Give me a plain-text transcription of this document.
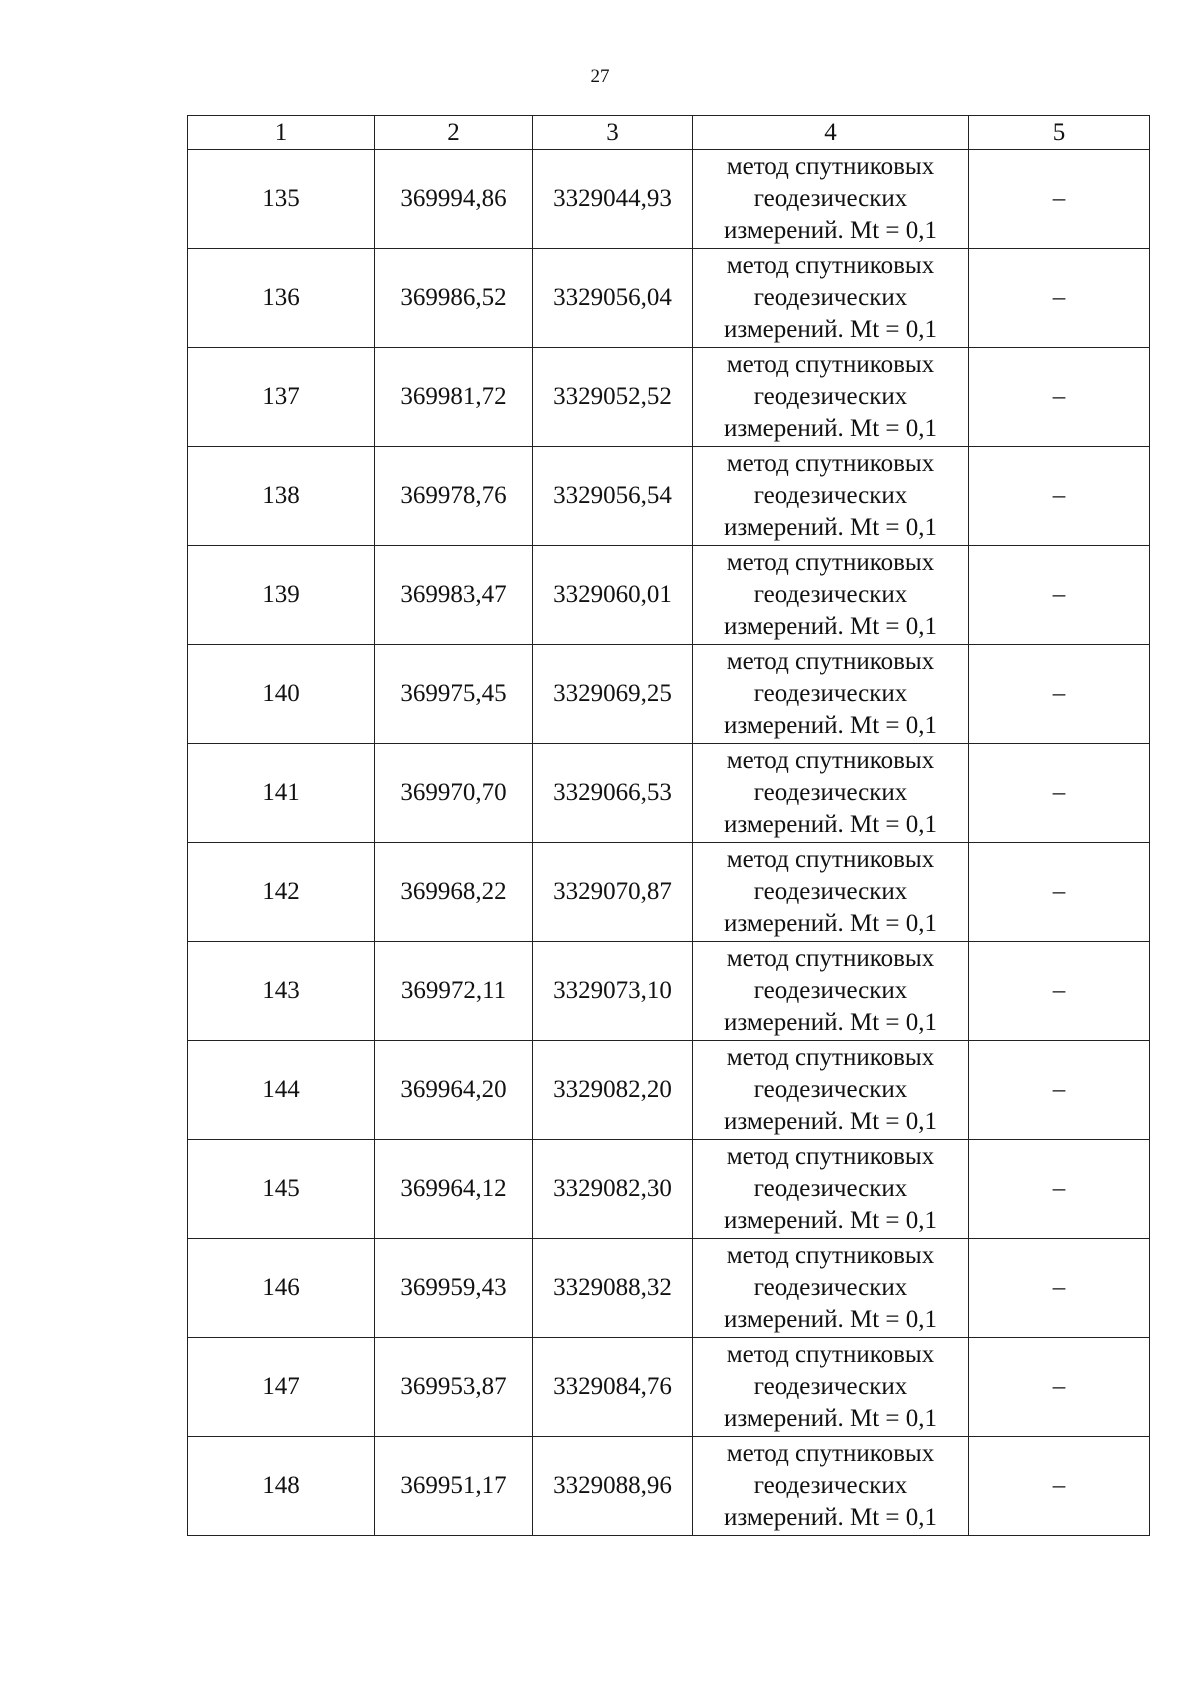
27
1	2	3	4	5
135	369994,86	3329044,93	метод спутниковых
геодезических
измерений. Mt = 0,1	–
136	369986,52	3329056,04	метод спутниковых
геодезических
измерений. Mt = 0,1	–
137	369981,72	3329052,52	метод спутниковых
геодезических
измерений. Mt = 0,1	–
138	369978,76	3329056,54	метод спутниковых
геодезических
измерений. Mt = 0,1	–
139	369983,47	3329060,01	метод спутниковых
геодезических
измерений. Mt = 0,1	–
140	369975,45	3329069,25	метод спутниковых
геодезических
измерений. Mt = 0,1	–
141	369970,70	3329066,53	метод спутниковых
геодезических
измерений. Mt = 0,1	–
142	369968,22	3329070,87	метод спутниковых
геодезических
измерений. Mt = 0,1	–
143	369972,11	3329073,10	метод спутниковых
геодезических
измерений. Mt = 0,1	–
144	369964,20	3329082,20	метод спутниковых
геодезических
измерений. Mt = 0,1	–
145	369964,12	3329082,30	метод спутниковых
геодезических
измерений. Mt = 0,1	–
146	369959,43	3329088,32	метод спутниковых
геодезических
измерений. Mt = 0,1	–
147	369953,87	3329084,76	метод спутниковых
геодезических
измерений. Mt = 0,1	–
148	369951,17	3329088,96	метод спутниковых
геодезических
измерений. Mt = 0,1	–
